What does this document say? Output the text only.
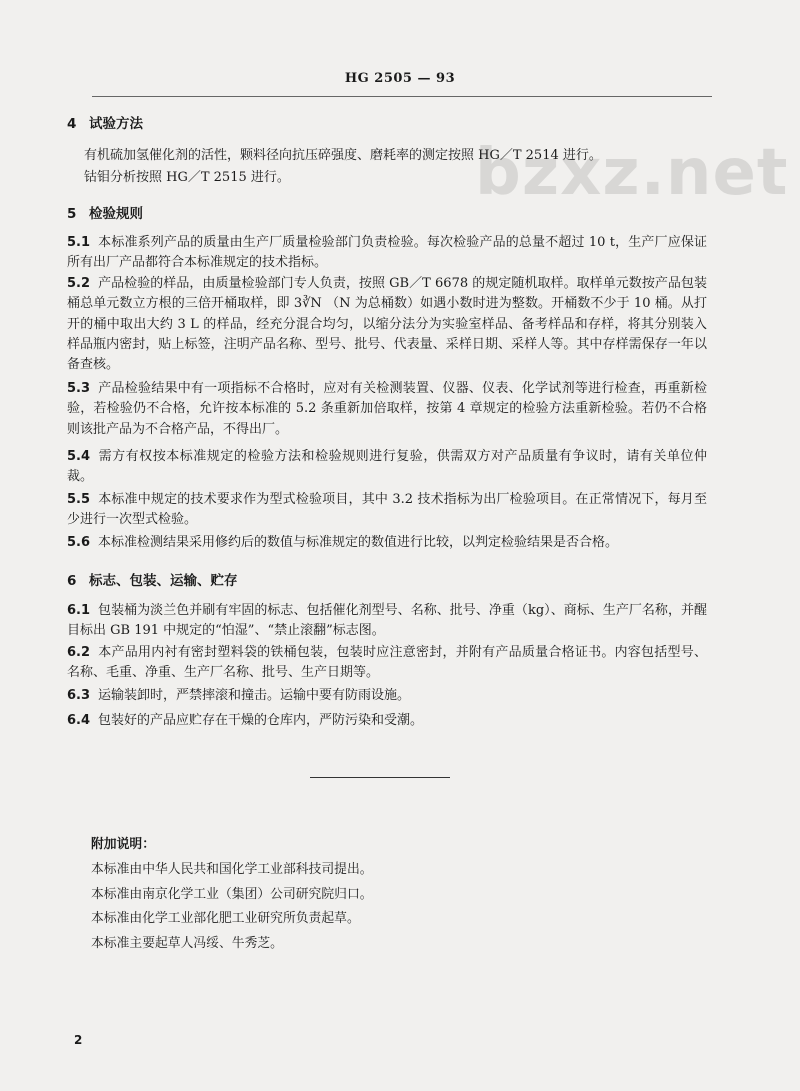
HG 2505 — 93
bzxz.net
4 试验方法
有机硫加氢催化剂的活性，颗料径向抗压碎强度、磨耗率的测定按照 HG／T 2514 进行。
钴钼分析按照 HG／T 2515 进行。
5 检验规则
5.1 本标准系列产品的质量由生产厂质量检验部门负责检验。每次检验产品的总量不超过 10 t，生产厂应保证所有出厂产品都符合本标准规定的技术指标。
5.2 产品检验的样品，由质量检验部门专人负责，按照 GB／T 6678 的规定随机取样。取样单元数按产品包装桶总单元数立方根的三倍开桶取样，即 3∛N （N 为总桶数）如遇小数时进为整数。开桶数不少于 10 桶。从打开的桶中取出大约 3 L 的样品，经充分混合均匀，以缩分法分为实验室样品、备考样品和存样，将其分别装入样品瓶内密封，贴上标签，注明产品名称、型号、批号、代表量、采样日期、采样人等。其中存样需保存一年以备查核。
5.3 产品检验结果中有一项指标不合格时，应对有关检测装置、仪器、仪表、化学试剂等进行检查，再重新检验，若检验仍不合格，允许按本标准的 5.2 条重新加倍取样，按第 4 章规定的检验方法重新检验。若仍不合格则该批产品为不合格产品，不得出厂。
5.4 需方有权按本标准规定的检验方法和检验规则进行复验，供需双方对产品质量有争议时，请有关单位仲裁。
5.5 本标准中规定的技术要求作为型式检验项目，其中 3.2 技术指标为出厂检验项目。在正常情况下，每月至少进行一次型式检验。
5.6 本标准检测结果采用修约后的数值与标准规定的数值进行比较，以判定检验结果是否合格。
6 标志、包装、运输、贮存
6.1 包装桶为淡兰色并刷有牢固的标志、包括催化剂型号、名称、批号、净重（kg）、商标、生产厂名称，并醒目标出 GB 191 中规定的“怕湿”、“禁止滚翻”标志图。
6.2 本产品用内衬有密封塑料袋的铁桶包装，包装时应注意密封，并附有产品质量合格证书。内容包括型号、名称、毛重、净重、生产厂名称、批号、生产日期等。
6.3 运输装卸时，严禁摔滚和撞击。运输中要有防雨设施。
6.4 包装好的产品应贮存在干燥的仓库内，严防污染和受潮。
附加说明：
本标准由中华人民共和国化学工业部科技司提出。
本标准由南京化学工业（集团）公司研究院归口。
本标准由化学工业部化肥工业研究所负责起草。
本标准主要起草人冯绥、牛秀芝。
2
